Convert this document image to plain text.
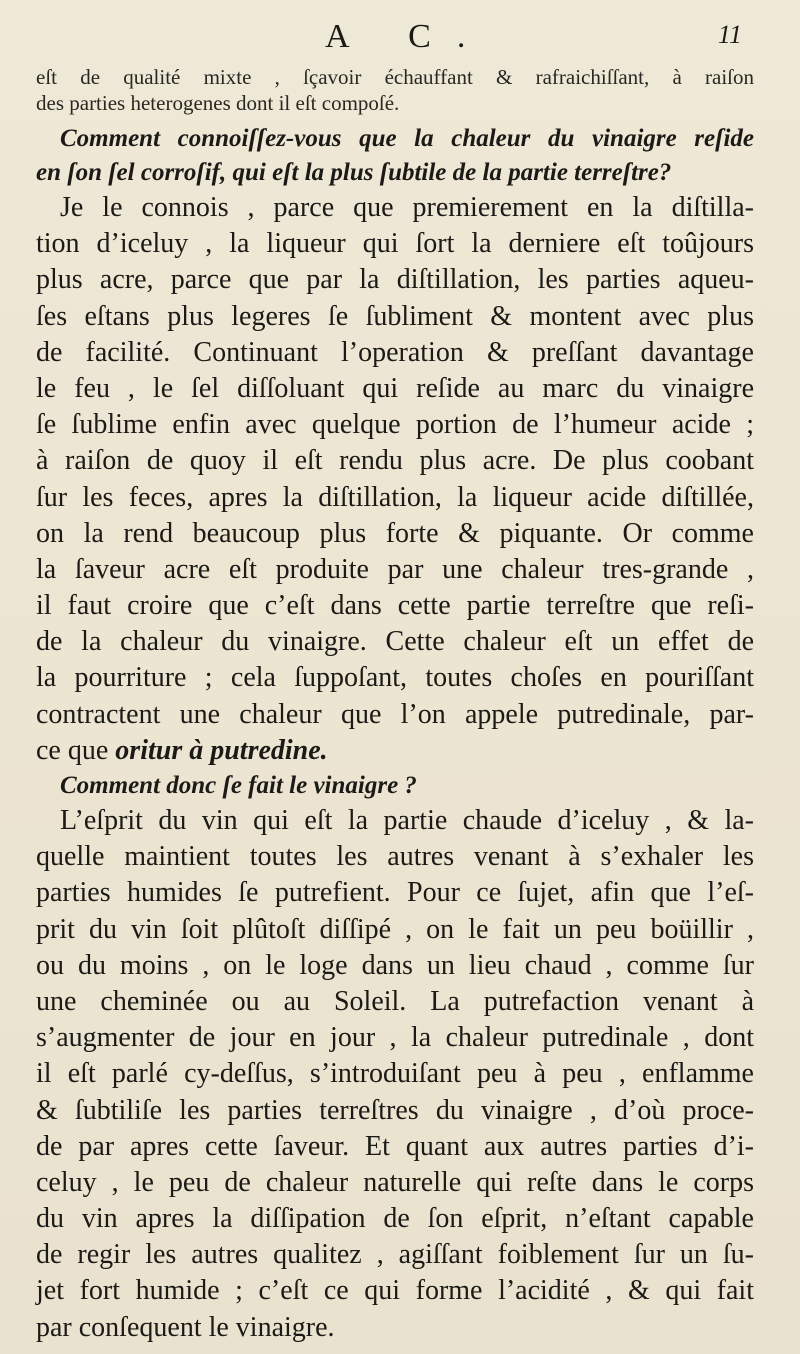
A C.	11
eſt de qualité mixte , ſçavoir échauffant & rafraichiſſant, à raiſon
des parties heterogenes dont il eſt compoſé.
Comment connoiſſez-vous que la chaleur du vinaigre reſide
en ſon ſel corroſif, qui eſt la plus ſubtile de la partie terreſtre?
Je le connois , parce que premierement en la diſtilla-
tion d’iceluy , la liqueur qui ſort la derniere eſt toûjours
plus acre, parce que par la diſtillation, les parties aqueu-
ſes eſtans plus legeres ſe ſubliment & montent avec plus
de facilité. Continuant l’operation & preſſant davantage
le feu , le ſel diſſoluant qui reſide au marc du vinaigre
ſe ſublime enfin avec quelque portion de l’humeur acide ;
à raiſon de quoy il eſt rendu plus acre. De plus coobant
ſur les feces, apres la diſtillation, la liqueur acide diſtillée,
on la rend beaucoup plus forte & piquante. Or comme
la ſaveur acre eſt produite par une chaleur tres-grande ,
il faut croire que c’eſt dans cette partie terreſtre que reſi-
de la chaleur du vinaigre. Cette chaleur eſt un effet de
la pourriture ; cela ſuppoſant, toutes choſes en pouriſſant
contractent une chaleur que l’on appele putredinale, par-
ce que oritur à putredine.
Comment donc ſe fait le vinaigre ?
L’eſprit du vin qui eſt la partie chaude d’iceluy , & la-
quelle maintient toutes les autres venant à s’exhaler les
parties humides ſe putrefient. Pour ce ſujet, afin que l’eſ-
prit du vin ſoit plûtoſt diſſipé , on le fait un peu boüillir ,
ou du moins , on le loge dans un lieu chaud , comme ſur
une cheminée ou au Soleil. La putrefaction venant à
s’augmenter de jour en jour , la chaleur putredinale , dont
il eſt parlé cy-deſſus, s’introduiſant peu à peu , enflamme
& ſubtiliſe les parties terreſtres du vinaigre , d’où proce-
de par apres cette ſaveur. Et quant aux autres parties d’i-
celuy , le peu de chaleur naturelle qui reſte dans le corps
du vin apres la diſſipation de ſon eſprit, n’eſtant capable
de regir les autres qualitez , agiſſant foiblement ſur un ſu-
jet fort humide ; c’eſt ce qui forme l’acidité , & qui fait
par conſequent le vinaigre.
